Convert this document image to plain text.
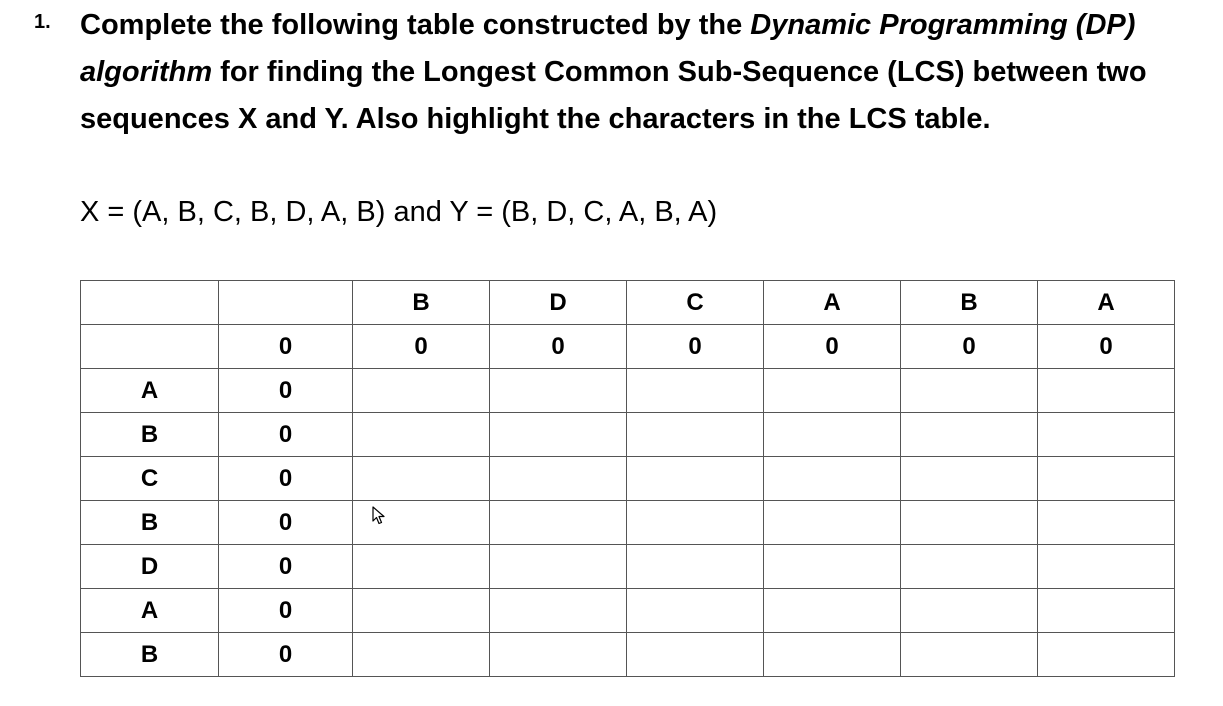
1. Complete the following table constructed by the Dynamic Programming (DP) algorithm for finding the Longest Common Sub-Sequence (LCS) between two sequences X and Y. Also highlight the characters in the LCS table.
X = (A, B, C, B, D, A, B) and Y = (B, D, C, A, B, A)
		B	D	C	A	B	A
	0	0	0	0	0	0	0
A	0						
B	0						
C	0						
B	0						
D	0						
A	0						
B	0						
